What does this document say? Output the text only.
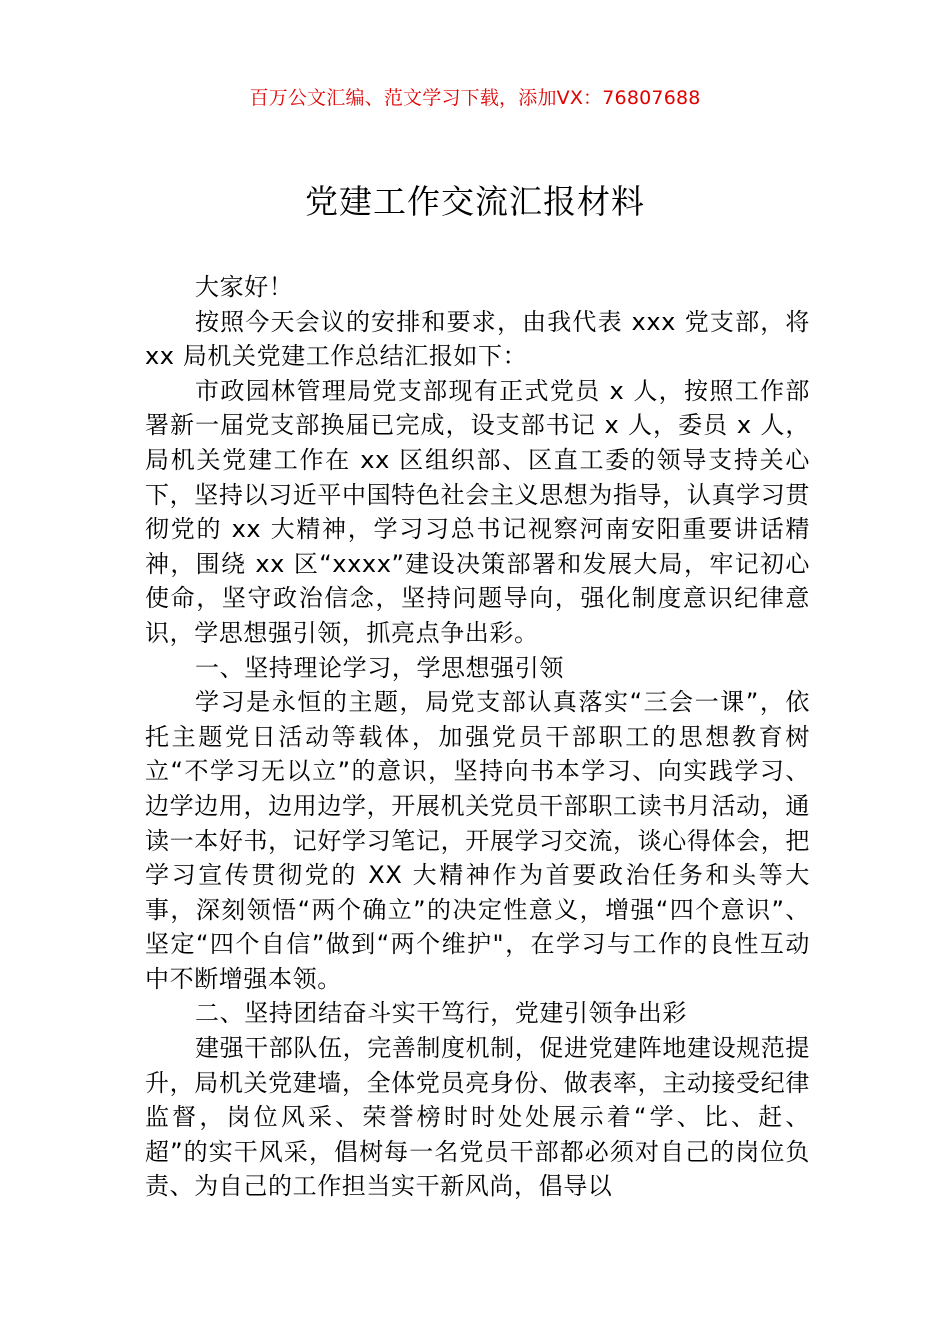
百万公文汇编、范文学习下载，添加VX：76807688
党建工作交流汇报材料

大家好！

按照今天会议的安排和要求，由我代表 xxx 党支部，将 xx 局机关党建工作总结汇报如下：

市政园林管理局党支部现有正式党员 x 人，按照工作部署新一届党支部换届已完成，设支部书记 x 人，委员 x 人，局机关党建工作在 xx 区组织部、区直工委的领导支持关心下，坚持以习近平中国特色社会主义思想为指导，认真学习贯彻党的 xx 大精神，学习习总书记视察河南安阳重要讲话精神，围绕 xx 区“xxxx”建设决策部署和发展大局，牢记初心使命，坚守政治信念，坚持问题导向，强化制度意识纪律意识，学思想强引领，抓亮点争出彩。

一、坚持理论学习，学思想强引领

学习是永恒的主题，局党支部认真落实“三会一课”，依托主题党日活动等载体，加强党员干部职工的思想教育树立“不学习无以立”的意识，坚持向书本学习、向实践学习、边学边用，边用边学，开展机关党员干部职工读书月活动，通读一本好书，记好学习笔记，开展学习交流，谈心得体会，把学习宣传贯彻党的 XX 大精神作为首要政治任务和头等大事，深刻领悟“两个确立”的决定性意义，增强“四个意识”、坚定“四个自信”做到“两个维护"，在学习与工作的良性互动中不断增强本领。

二、坚持团结奋斗实干笃行，党建引领争出彩

建强干部队伍，完善制度机制，促进党建阵地建设规范提升，局机关党建墙，全体党员亮身份、做表率，主动接受纪律监督，岗位风采、荣誉榜时时处处展示着“学、比、赶、超”的实干风采，倡树每一名党员干部都必须对自己的岗位负责、为自己的工作担当实干新风尚，倡导以
